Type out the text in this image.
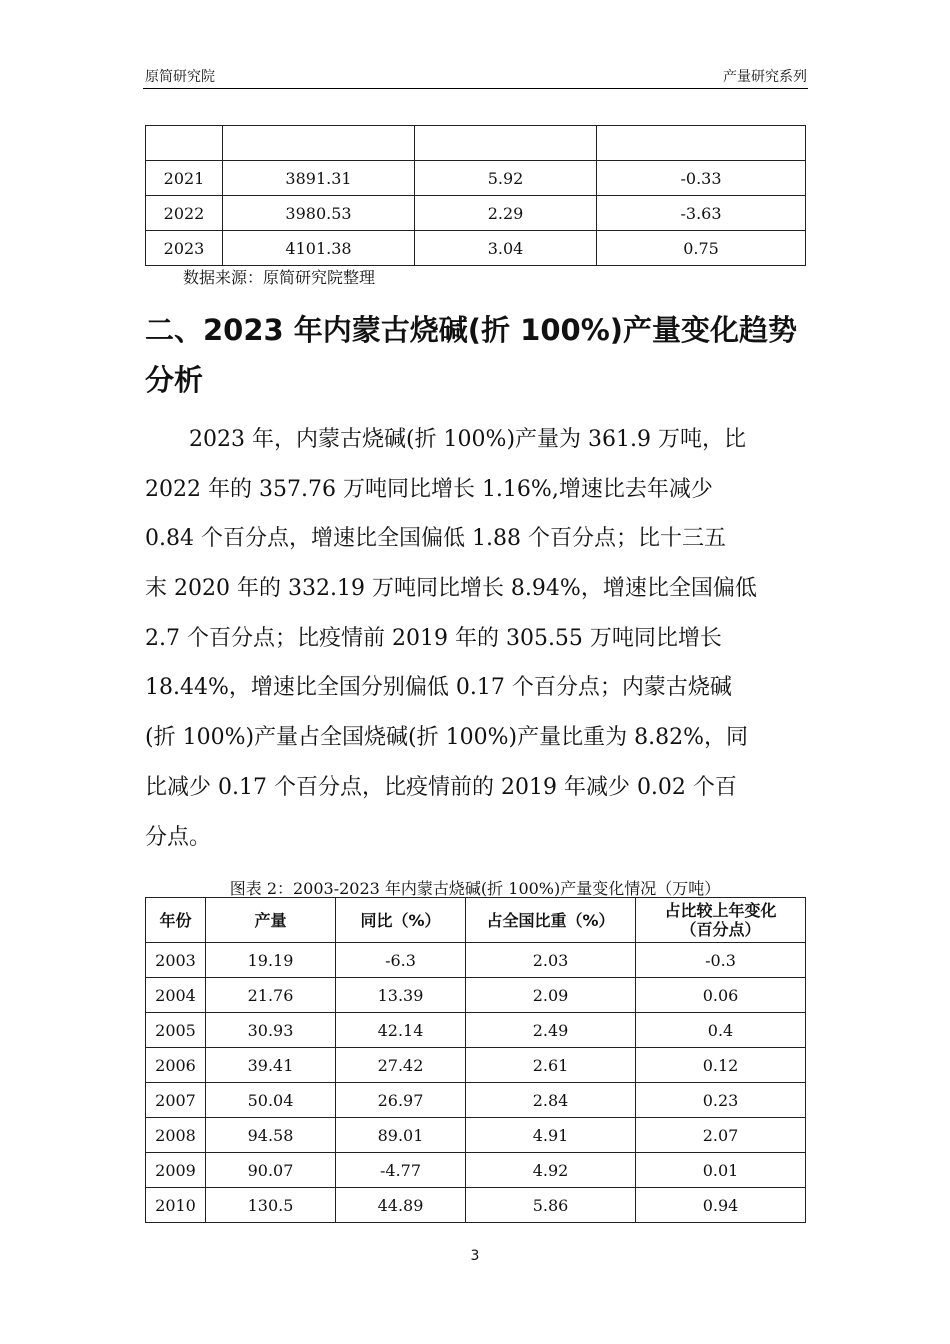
原简研究院	产量研究系列

2021	3891.31	5.92	-0.33
2022	3980.53	2.29	-3.63
2023	4101.38	3.04	0.75
数据来源：原简研究院整理
二、2023 年内蒙古烧碱(折 100%)产量变化趋势
分析
　　2023 年，内蒙古烧碱(折 100%)产量为 361.9 万吨，比
2022 年的 357.76 万吨同比增长 1.16%,增速比去年减少
0.84 个百分点，增速比全国偏低 1.88 个百分点；比十三五
末 2020 年的 332.19 万吨同比增长 8.94%，增速比全国偏低
2.7 个百分点；比疫情前 2019 年的 305.55 万吨同比增长
18.44%，增速比全国分别偏低 0.17 个百分点；内蒙古烧碱
(折 100%)产量占全国烧碱(折 100%)产量比重为 8.82%，同
比减少 0.17 个百分点，比疫情前的 2019 年减少 0.02 个百
分点。
图表 2：2003-2023 年内蒙古烧碱(折 100%)产量变化情况（万吨）
年份	产量	同比（%）	占全国比重（%）	占比较上年变化（百分点）
2003	19.19	-6.3	2.03	-0.3
2004	21.76	13.39	2.09	0.06
2005	30.93	42.14	2.49	0.4
2006	39.41	27.42	2.61	0.12
2007	50.04	26.97	2.84	0.23
2008	94.58	89.01	4.91	2.07
2009	90.07	-4.77	4.92	0.01
2010	130.5	44.89	5.86	0.94
3
